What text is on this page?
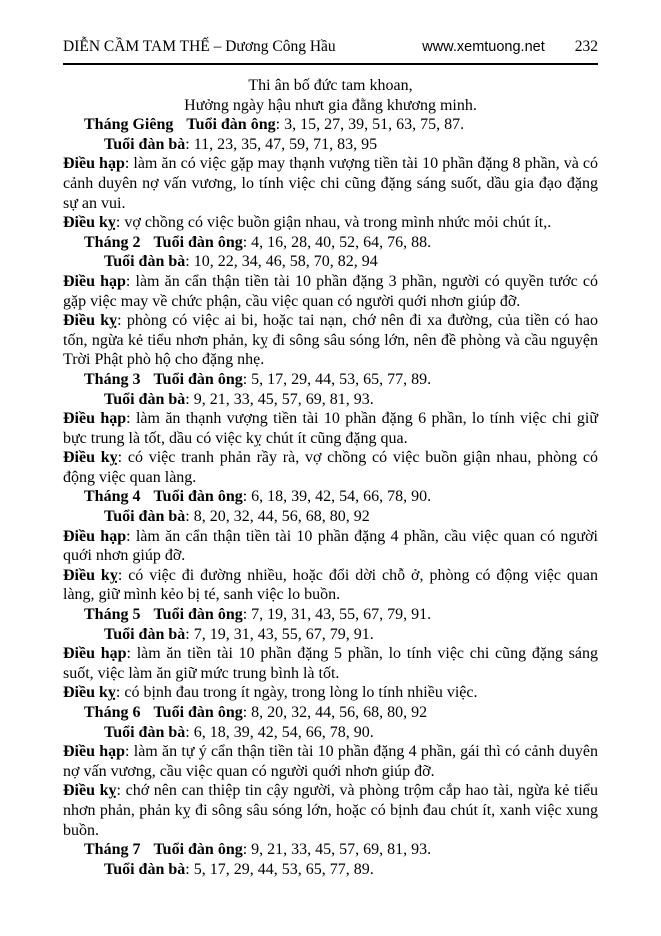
DIỄN CẦM TAM THẾ – Dương Công Hầu	www.xemtuong.net 232
Thi ân bố đức tam khoan,
Hưởng ngày hậu nhưt gia đằng khương minh.
Tháng Giêng Tuổi đàn ông: 3, 15, 27, 39, 51, 63, 75, 87.
Tuổi đàn bà: 11, 23, 35, 47, 59, 71, 83, 95
Điều hạp: làm ăn có việc gặp may thạnh vượng tiền tài 10 phần đặng 8 phần, và có cảnh duyên nợ vấn vương, lo tính việc chi cũng đặng sáng suốt, dầu gia đạo đặng sự an vui.
Điều kỵ: vợ chồng có việc buồn giận nhau, và trong mình nhức mỏi chút ít,.
Tháng 2 Tuổi đàn ông: 4, 16, 28, 40, 52, 64, 76, 88.
Tuổi đàn bà: 10, 22, 34, 46, 58, 70, 82, 94
Điều hạp: làm ăn cẩn thận tiền tài 10 phần đặng 3 phần, người có quyền tước có gặp việc may về chức phận, cầu việc quan có người quới nhơn giúp đỡ.
Điều kỵ: phòng có việc ai bi, hoặc tai nạn, chớ nên đi xa đường, của tiền có hao tốn, ngừa kẻ tiểu nhơn phản, kỵ đi sông sâu sóng lớn, nên đề phòng và cầu nguyện Trời Phật phò hộ cho đặng nhẹ.
Tháng 3 Tuổi đàn ông: 5, 17, 29, 44, 53, 65, 77, 89.
Tuổi đàn bà: 9, 21, 33, 45, 57, 69, 81, 93.
Điều hạp: làm ăn thạnh vượng tiền tài 10 phần đặng 6 phần, lo tính việc chi giữ bực trung là tốt, dầu có việc kỵ chút ít cũng đặng qua.
Điều kỵ: có việc tranh phản rầy rà, vợ chồng có việc buồn giận nhau, phòng có động việc quan làng.
Tháng 4 Tuổi đàn ông: 6, 18, 39, 42, 54, 66, 78, 90.
Tuổi đàn bà: 8, 20, 32, 44, 56, 68, 80, 92
Điều hạp: làm ăn cẩn thận tiền tài 10 phần đặng 4 phần, cầu việc quan có người quới nhơn giúp đỡ.
Điều kỵ: có việc đi đường nhiều, hoặc đổi dời chỗ ở, phòng có động việc quan làng, giữ mình kẻo bị té, sanh việc lo buồn.
Tháng 5 Tuổi đàn ông: 7, 19, 31, 43, 55, 67, 79, 91.
Tuổi đàn bà: 7, 19, 31, 43, 55, 67, 79, 91.
Điều hạp: làm ăn tiền tài 10 phần đặng 5 phần, lo tính việc chi cũng đặng sáng suốt, việc làm ăn giữ mức trung bình là tốt.
Điều kỵ: có bịnh đau trong ít ngày, trong lòng lo tính nhiều việc.
Tháng 6 Tuổi đàn ông: 8, 20, 32, 44, 56, 68, 80, 92
Tuổi đàn bà: 6, 18, 39, 42, 54, 66, 78, 90.
Điều hạp: làm ăn tự ý cẩn thận tiền tài 10 phần đặng 4 phần, gái thì có cảnh duyên nợ vấn vương, cầu việc quan có người quới nhơn giúp đỡ.
Điều kỵ: chớ nên can thiệp tin cậy người, và phòng trộm cắp hao tài, ngừa kẻ tiểu nhơn phản, phản kỵ đi sông sâu sóng lớn, hoặc có bịnh đau chút ít, xanh việc xung buồn.
Tháng 7 Tuổi đàn ông: 9, 21, 33, 45, 57, 69, 81, 93.
Tuổi đàn bà: 5, 17, 29, 44, 53, 65, 77, 89.
